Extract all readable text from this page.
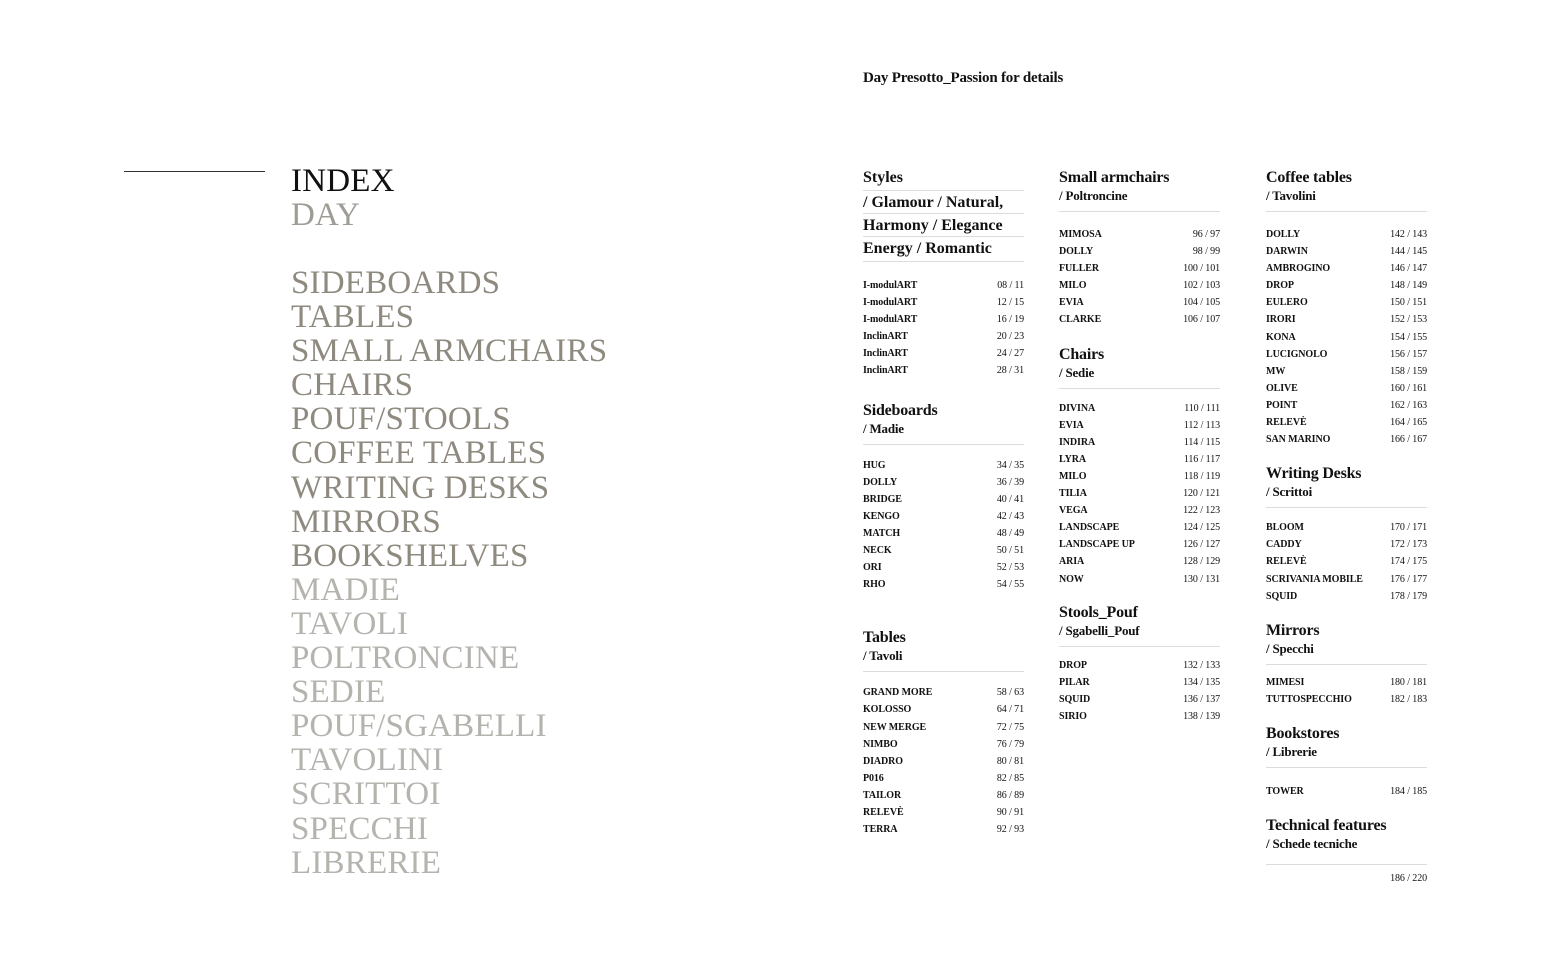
INDEX
DAY
SIDEBOARDS
TABLES
SMALL ARMCHAIRS
CHAIRS
POUF/STOOLS
COFFEE TABLES
WRITING DESKS
MIRRORS
BOOKSHELVES
MADIE
TAVOLI
POLTRONCINE
SEDIE
POUF/SGABELLI
TAVOLINI
SCRITTOI
SPECCHI
LIBRERIE
Day Presotto_Passion for details
Styles
/ Glamour / Natural,
Harmony / Elegance
Energy / Romantic
I-modulART	08 / 11
I-modulART	12 / 15
I-modulART	16 / 19
InclinART	20 / 23
InclinART	24 / 27
InclinART	28 / 31
Sideboards
/ Madie
HUG	34 / 35
DOLLY	36 / 39
BRIDGE	40 / 41
KENGO	42 / 43
MATCH	48 / 49
NECK	50 / 51
ORI	52 / 53
RHO	54 / 55
Tables
/ Tavoli
GRAND MORE	58 / 63
KOLOSSO	64 / 71
NEW MERGE	72 / 75
NIMBO	76 / 79
DIADRO	80 / 81
P016	82 / 85
TAILOR	86 / 89
RELEVÈ	90 / 91
TERRA	92 / 93
Small armchairs
/ Poltroncine
MIMOSA	96 / 97
DOLLY	98 / 99
FULLER	100 / 101
MILO	102 / 103
EVIA	104 / 105
CLARKE	106 / 107
Chairs
/ Sedie
DIVINA	110 / 111
EVIA	112 / 113
INDIRA	114 / 115
LYRA	116 / 117
MILO	118 / 119
TILIA	120 / 121
VEGA	122 / 123
LANDSCAPE	124 / 125
LANDSCAPE UP	126 / 127
ARIA	128 / 129
NOW	130 / 131
Stools_Pouf
/ Sgabelli_Pouf
DROP	132 / 133
PILAR	134 / 135
SQUID	136 / 137
SIRIO	138 / 139
Coffee tables
/ Tavolini
DOLLY	142 / 143
DARWIN	144 / 145
AMBROGINO	146 / 147
DROP	148 / 149
EULERO	150 / 151
IRORI	152 / 153
KONA	154 / 155
LUCIGNOLO	156 / 157
MW	158 / 159
OLIVE	160 / 161
POINT	162 / 163
RELEVÈ	164 / 165
SAN MARINO	166 / 167
Writing Desks
/ Scrittoi
BLOOM	170 / 171
CADDY	172 / 173
RELEVÈ	174 / 175
SCRIVANIA MOBILE	176 / 177
SQUID	178 / 179
Mirrors
/ Specchi
MIMESI	180 / 181
TUTTOSPECCHIO	182 / 183
Bookstores
/ Librerie
TOWER	184 / 185
Technical features
/ Schede tecniche
186 / 220
